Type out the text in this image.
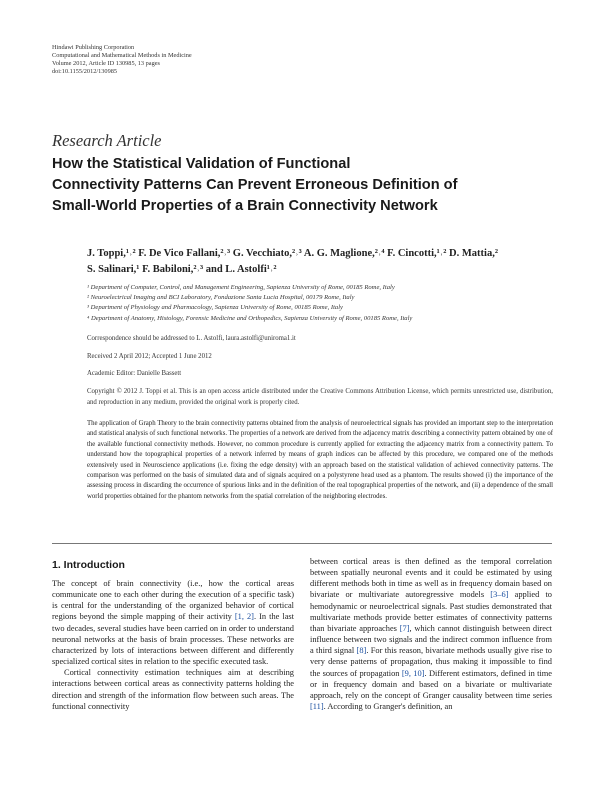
Hindawi Publishing Corporation
Computational and Mathematical Methods in Medicine
Volume 2012, Article ID 130985, 13 pages
doi:10.1155/2012/130985
Research Article
How the Statistical Validation of Functional
Connectivity Patterns Can Prevent Erroneous Definition of
Small-World Properties of a Brain Connectivity Network
J. Toppi,¹˒² F. De Vico Fallani,²˒³ G. Vecchiato,²˒³ A. G. Maglione,²˒⁴ F. Cincotti,¹˒² D. Mattia,²
S. Salinari,¹ F. Babiloni,²˒³ and L. Astolfi¹˒²
¹ Department of Computer, Control, and Management Engineering, Sapienza University of Rome, 00185 Rome, Italy
² Neuroelectrical Imaging and BCI Laboratory, Fondazione Santa Lucia Hospital, 00179 Rome, Italy
³ Department of Physiology and Pharmacology, Sapienza University of Rome, 00185 Rome, Italy
⁴ Department of Anatomy, Histology, Forensic Medicine and Orthopedics, Sapienza University of Rome, 00185 Rome, Italy
Correspondence should be addressed to L. Astolfi, laura.astolfi@uniroma1.it
Received 2 April 2012; Accepted 1 June 2012
Academic Editor: Danielle Bassett
Copyright © 2012 J. Toppi et al. This is an open access article distributed under the Creative Commons Attribution License, which permits unrestricted use, distribution, and reproduction in any medium, provided the original work is properly cited.
The application of Graph Theory to the brain connectivity patterns obtained from the analysis of neuroelectrical signals has provided an important step to the interpretation and statistical analysis of such functional networks. The properties of a network are derived from the adjacency matrix describing a connectivity pattern obtained by one of the available functional connectivity methods. However, no common procedure is currently applied for extracting the adjacency matrix from a connectivity pattern. To understand how the topographical properties of a network inferred by means of graph indices can be affected by this procedure, we compared one of the methods extensively used in Neuroscience applications (i.e. fixing the edge density) with an approach based on the statistical validation of achieved connectivity patterns. The comparison was performed on the basis of simulated data and of signals acquired on a polystyrene head used as a phantom. The results showed (i) the importance of the assessing process in discarding the occurrence of spurious links and in the definition of the real topographical properties of the network, and (ii) a dependence of the small world properties obtained for the phantom networks from the spatial correlation of the neighboring electrodes.
1. Introduction

The concept of brain connectivity (i.e., how the cortical areas communicate one to each other during the execution of a specific task) is central for the understanding of the organized behavior of cortical regions beyond the simple mapping of their activity [1, 2]. In the last two decades, several studies have been carried on in order to understand neuronal networks at the basis of brain processes. These networks are characterized by lots of interactions between different and differently specialized cortical sites in relation to the specific executed task.

Cortical connectivity estimation techniques aim at describing interactions between cortical areas as connectivity patterns holding the direction and strength of the information flow between such areas. The functional connectivity

between cortical areas is then defined as the temporal correlation between spatially neuronal events and it could be estimated by using different methods both in time as well as in frequency domain based on bivariate or multivariate autoregressive models [3–6] applied to hemodynamic or neuroelectrical signals. Past studies demonstrated that multivariate methods provide better estimates of connectivity patterns than bivariate approaches [7], which cannot distinguish between direct influence between two signals and the indirect common influence from a third signal [8]. For this reason, bivariate methods usually give rise to very dense patterns of propagation, thus making it impossible to find the sources of propagation [9, 10]. Different estimators, defined in time or in frequency domain and based on a bivariate or multivariate approach, rely on the concept of Granger causality between time series [11]. According to Granger's definition, an
